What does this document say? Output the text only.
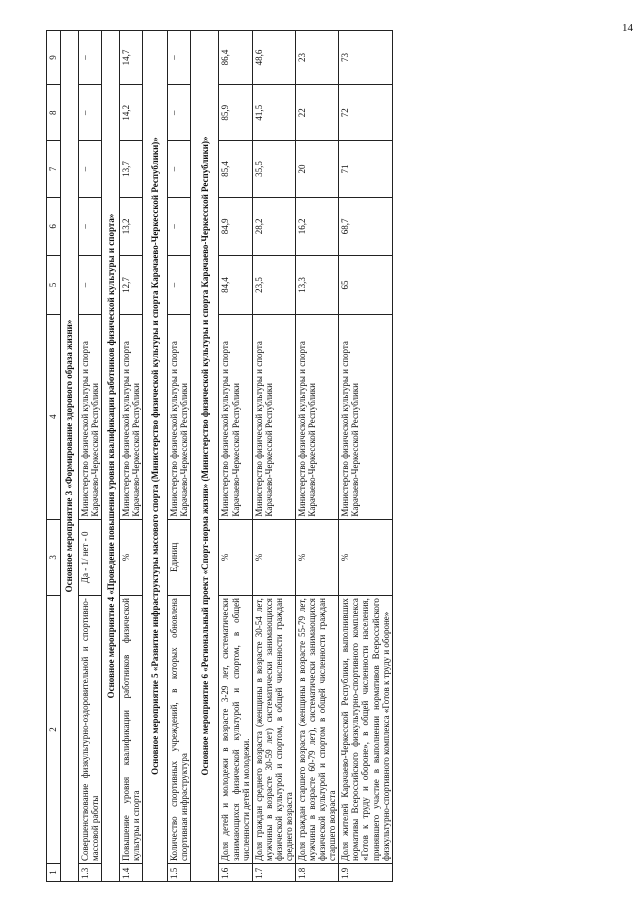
14
1	2	3	4	5	6	7	8	9
Основное мероприятие 3 «Формирование здорового образа жизни»								
1.3	Совершенствование физкультурно-оздоровительной и спортивно-массовой работы	Да - 1/ нет - 0	Министерство физической культуры и спорта Карачаево-Черкесской Республики	–	–	–	–	–
Основное мероприятие 4 «Проведение повышения уровня квалификации работников физической культуры и спорта»								
1.4	Повышение уровня квалификации работников физической культуры и спорта	%	Министерство физической культуры и спорта Карачаево-Черкесской Республики	12,7	13,2	13,7	14,2	14,7
Основное мероприятие 5 «Развитие инфраструктуры массового спорта (Министерство физической культуры и спорта Карачаево-Черкесской Республики)»								
1.5	Количество спортивных учреждений, в которых обновлена спортивная инфраструктура	Единиц	Министерство физической культуры и спорта Карачаево-Черкесской Республики	–	–	–	–	–
Основное мероприятие 6 «Региональный проект «Спорт-норма жизни» (Министерство физической культуры и спорта Карачаево-Черкесской Республики)»								
1.6	Доля детей и молодежи в возрасте 3-29 лет, систематически занимающихся физической культурой и спортом, в общей численности детей и молодежи.	%	Министерство физической культуры и спорта Карачаево-Черкесской Республики	84,4	84,9	85,4	85,9	86,4
1.7	Доля граждан среднего возраста (женщины в возрасте 30-54 лет, мужчины в возрасте 30-59 лет) систематически занимающихся физической культурой и спортом, в общей численности граждан среднего возраста	%	Министерство физической культуры и спорта Карачаево-Черкесской Республики	23,5	28,2	35,5	41,5	48,6
1.8	Доля граждан старшего возраста (женщины в возрасте 55-79 лет, мужчины в возрасте 60-79 лет), систематически занимающихся физической культурой и спортом в общей численности граждан старшего возраста	%	Министерство физической культуры и спорта Карачаево-Черкесской Республики	13,3	16,2	20	22	23
1.9	Доля жителей Карачаево-Черкесской Республики, выполнивших нормативы Всероссийского физкультурно-спортивного комплекса «Готов к труду и обороне», в общей численности населения, принявшего участие в выполнении нормативов Всероссийского физкультурно-спортивного комплекса «Готов к труду и обороне»	%	Министерство физической культуры и спорта Карачаево-Черкесской Республики	65	68,7	71	72	73
